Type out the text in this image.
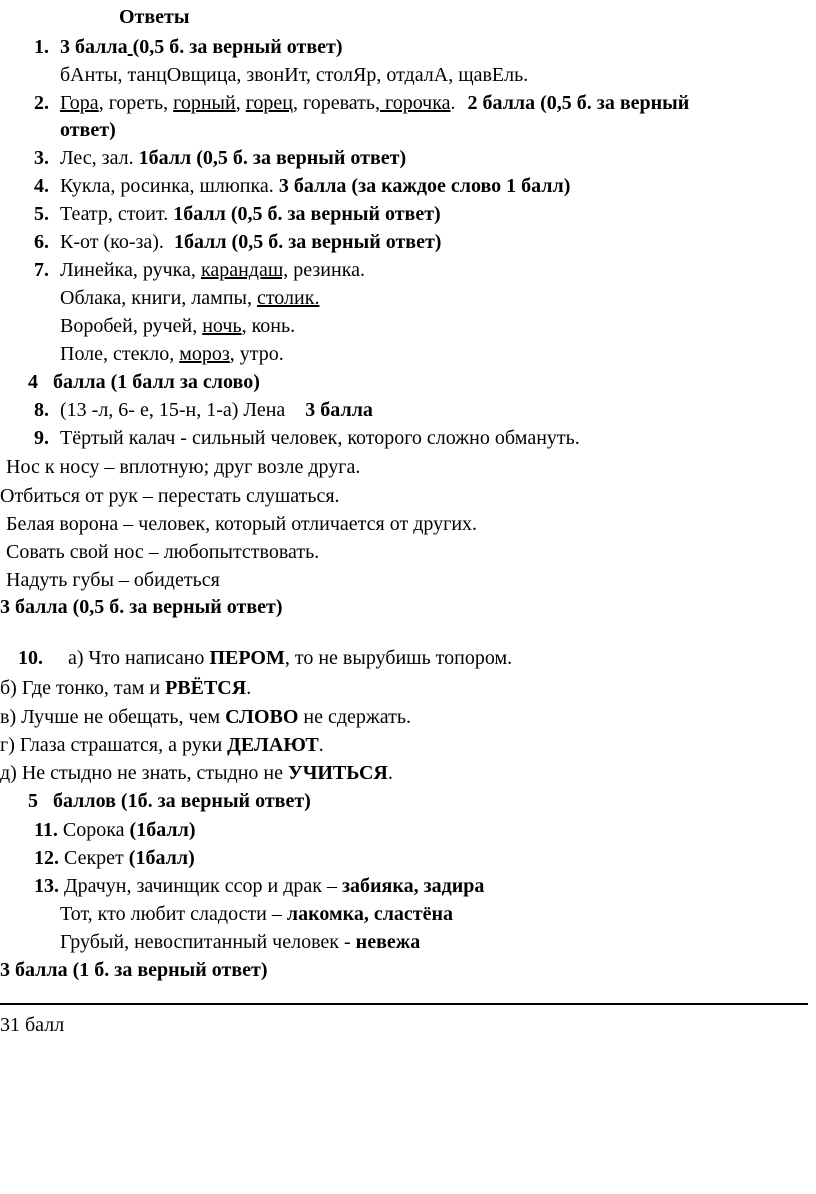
Ответы
1. 3 балла (0,5 б. за верный ответ)
бАнты, танцОвщица, звонИт, столЯр, отдалА, щавЕль.
2. Гора, гореть, горный, горец, горевать, горочка. 2 балла (0,5 б. за верный
ответ)
3. Лес, зал. 1балл (0,5 б. за верный ответ)
4. Кукла, росинка, шлюпка. 3 балла (за каждое слово 1 балл)
5. Театр, стоит. 1балл (0,5 б. за верный ответ)
6. К-от (ко-за).  1балл (0,5 б. за верный ответ)
7. Линейка, ручка, карандаш, резинка.
Облака, книги, лампы, столик.
Воробей, ручей, ночь, конь.
Поле, стекло, мороз, утро.
4   балла (1 балл за слово)
8. (13 -л, 6- е, 15-н, 1-а) Лена 3 балла
9. Тёртый калач - сильный человек, которого сложно обмануть.
Нос к носу – вплотную; друг возле друга.
Отбиться от рук – перестать слушаться.
Белая ворона – человек, который отличается от других.
Совать свой нос – любопытствовать.
Надуть губы – обидеться
3 балла (0,5 б. за верный ответ)
10. а) Что написано ПЕРОМ, то не вырубишь топором.
б) Где тонко, там и РВЁТСЯ.
в) Лучше не обещать, чем СЛОВО не сдержать.
г) Глаза страшатся, а руки ДЕЛАЮТ.
д) Не стыдно не знать, стыдно не УЧИТЬСЯ.
5   баллов (1б. за верный ответ)
11. Сорока (1балл)
12. Секрет (1балл)
13. Драчун, зачинщик ссор и драк – забияка, задира
Тот, кто любит сладости – лакомка, сластёна
Грубый, невоспитанный человек - невежа
3 балла (1 б. за верный ответ)
31 балл
